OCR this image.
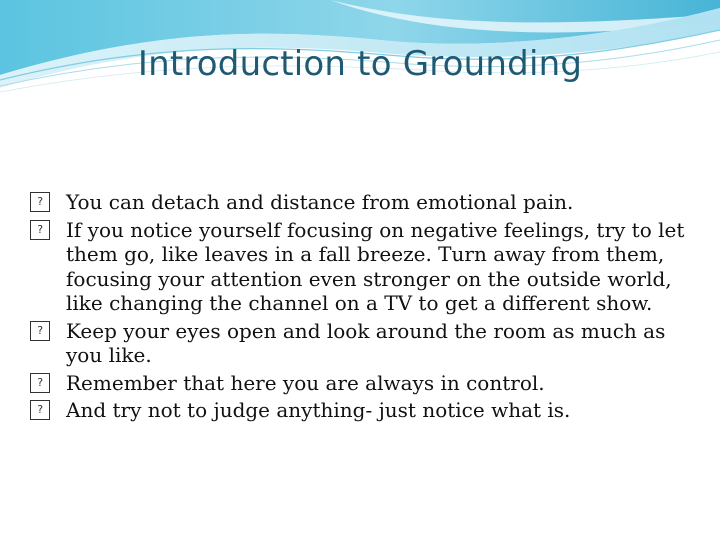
Introduction to Grounding
?	You can detach and distance from emotional pain.
?	If you notice yourself focusing on negative feelings, try to let them go, like leaves in a fall breeze. Turn away from them, focusing your attention even stronger on the outside world, like changing the channel on a TV to get a different show.
?	Keep your eyes open and look around the room as much as you like.
?	Remember that here you are always in control.
?	And try not to judge anything- just notice what is.
